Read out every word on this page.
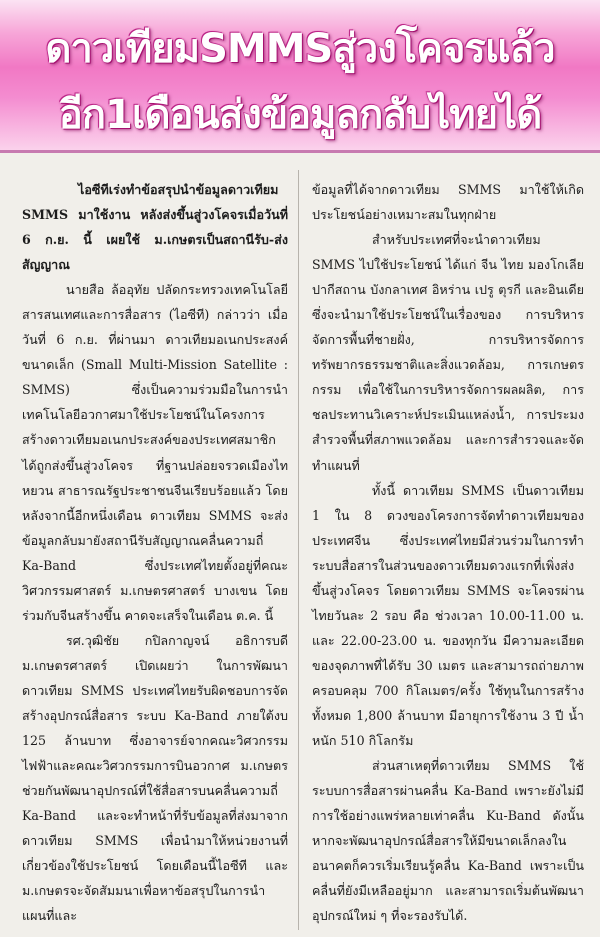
ดาวเทียมSMMSสู่วงโคจรแล้ว
อีก1เดือนส่งข้อมูลกลับไทยได้

ไอซีทีเร่งทำข้อสรุปนำข้อมูลดาวเทียม SMMS มาใช้งาน หลังส่งขึ้นสู่วงโคจรเมื่อวันที่ 6 ก.ย. นี้ เผยใช้ ม.เกษตรเป็นสถานีรับ-ส่งสัญญาณ

นายสือ ล้ออุทัย ปลัดกระทรวงเทคโนโลยีสารสนเทศและการสื่อสาร (ไอซีที) กล่าวว่า เมื่อวันที่ 6 ก.ย. ที่ผ่านมา ดาวเทียมอเนกประสงค์ขนาดเล็ก (Small Multi-Mission Satellite : SMMS) ซึ่งเป็นความร่วมมือในการนำเทคโนโลยีอวกาศมาใช้ประโยชน์ในโครงการสร้างดาวเทียมอเนกประสงค์ของประเทศสมาชิกได้ถูกส่งขึ้นสู่วงโคจร ที่ฐานปล่อยจรวดเมืองไทหยวน สาธารณรัฐประชาชนจีนเรียบร้อยแล้ว โดยหลังจากนี้อีกหนึ่งเดือน ดาวเทียม SMMS จะส่งข้อมูลกลับมายังสถานีรับสัญญาณคลื่นความถี่ Ka-Band ซึ่งประเทศไทยตั้งอยู่ที่คณะวิศวกรรมศาสตร์ ม.เกษตรศาสตร์ บางเขน โดยร่วมกับจีนสร้างขึ้น คาดจะเสร็จในเดือน ต.ค. นี้

รศ.วุฒิชัย กปิลกาญจน์ อธิการบดี ม.เกษตรศาสตร์ เปิดเผยว่า ในการพัฒนาดาวเทียม SMMS ประเทศไทยรับผิดชอบการจัดสร้างอุปกรณ์สื่อสาร ระบบ Ka-Band ภายใต้งบ 125 ล้านบาท ซึ่งอาจารย์จากคณะวิศวกรรมไฟฟ้าและคณะวิศวกรรมการบินอวกาศ ม.เกษตร ช่วยกันพัฒนาอุปกรณ์ที่ใช้สื่อสารบนคลื่นความถี่ Ka-Band และจะทำหน้าที่รับข้อมูลที่ส่งมาจากดาวเทียม SMMS เพื่อนำมาให้หน่วยงานที่เกี่ยวข้องใช้ประโยชน์ โดยเดือนนี้ไอซีที และ ม.เกษตรจะจัดสัมมนาเพื่อหาข้อสรุปในการนำแผนที่และ

ข้อมูลที่ได้จากดาวเทียม SMMS มาใช้ให้เกิดประโยชน์อย่างเหมาะสมในทุกฝ่าย

สำหรับประเทศที่จะนำดาวเทียม SMMS ไปใช้ประโยชน์ ได้แก่ จีน ไทย มองโกเลีย ปากีสถาน บังกลาเทศ อิหร่าน เปรู ตุรกี และอินเดีย ซึ่งจะนำมาใช้ประโยชน์ในเรื่องของ การบริหารจัดการพื้นที่ชายฝั่ง, การบริหารจัดการทรัพยากรธรรมชาติและสิ่งแวดล้อม, การเกษตรกรรม เพื่อใช้ในการบริหารจัดการผลผลิต, การชลประทานวิเคราะห์ประเมินแหล่งน้ำ, การประมง สำรวจพื้นที่สภาพแวดล้อม และการสำรวจและจัดทำแผนที่

ทั้งนี้ ดาวเทียม SMMS เป็นดาวเทียม 1 ใน 8 ดวงของโครงการจัดทำดาวเทียมของประเทศจีน ซึ่งประเทศไทยมีส่วนร่วมในการทำระบบสื่อสารในส่วนของดาวเทียมดวงแรกที่เพิ่งส่งขึ้นสู่วงโคจร โดยดาวเทียม SMMS จะโคจรผ่านไทยวันละ 2 รอบ คือ ช่วงเวลา 10.00-11.00 น. และ 22.00-23.00 น. ของทุกวัน มีความละเอียดของจุดภาพที่ได้รับ 30 เมตร และสามารถถ่ายภาพครอบคลุม 700 กิโลเมตร/ครั้ง ใช้ทุนในการสร้างทั้งหมด 1,800 ล้านบาท มีอายุการใช้งาน 3 ปี น้ำหนัก 510 กิโลกรัม

ส่วนสาเหตุที่ดาวเทียม SMMS ใช้ระบบการสื่อสารผ่านคลื่น Ka-Band เพราะยังไม่มีการใช้อย่างแพร่หลายเท่าคลื่น Ku-Band ดังนั้นหากจะพัฒนาอุปกรณ์สื่อสารให้มีขนาดเล็กลงในอนาคตก็ควรเริ่มเรียนรู้คลื่น Ka-Band เพราะเป็นคลื่นที่ยังมีเหลืออยู่มาก และสามารถเริ่มต้นพัฒนาอุปกรณ์ใหม่ ๆ ที่จะรองรับได้.
